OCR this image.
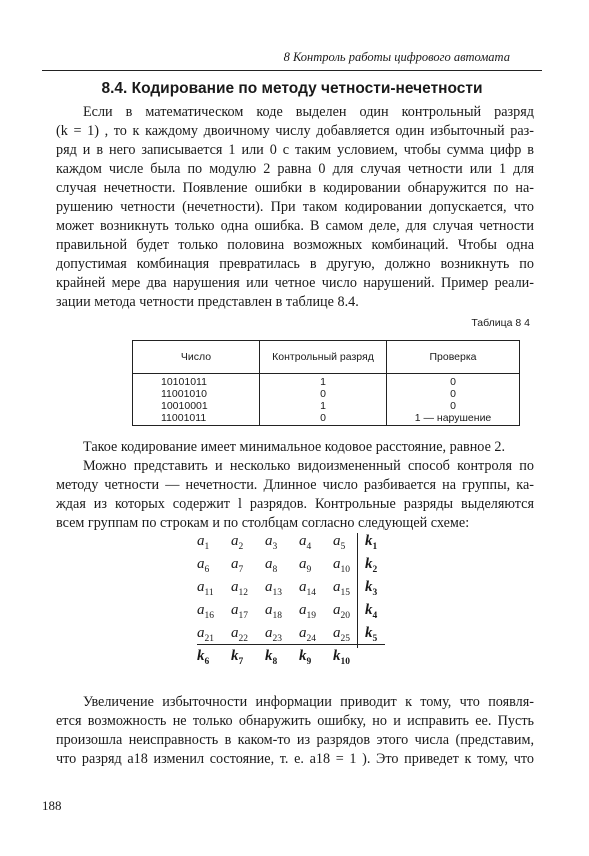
8 Контроль работы цифрового автомата
8.4. Кодирование по методу четности-нечетности

Если в математическом коде выделен один контрольный разряд
(k = 1) , то к каждому двоичному числу добавляется один избыточный раз-
ряд и в него записывается 1 или 0 с таким условием, чтобы сумма цифр в
каждом числе была по модулю 2 равна 0 для случая четности или 1 для
случая нечетности. Появление ошибки в кодировании обнаружится по на-
рушению четности (нечетности). При таком кодировании допускается, что
может возникнуть только одна ошибка. В самом деле, для случая четности
правильной будет только половина возможных комбинаций. Чтобы одна
допустимая комбинация превратилась в другую, должно возникнуть по
крайней мере два нарушения или четное число нарушений. Пример реали-
зации метода четности представлен в таблице 8.4.

Таблица 8 4
Число	Контрольный разряд	Проверка
10101011	1	0
11001010	0	0
10010001	1	0
11001011	0	1 — нарушение

Такое кодирование имеет минимальное кодовое расстояние, равное 2.
Можно представить и несколько видоизмененный способ контроля по
методу четности — нечетности. Длинное число разбивается на группы, ка-
ждая из которых содержит l разрядов. Контрольные разряды выделяются
всем группам по строкам и по столбцам согласно следующей схеме:

$a_1$	$a_2$	$a_3$	$a_4$	$a_5$	$k_1$
$a_6$	$a_7$	$a_8$	$a_9$	$a_{10}$	$k_2$
$a_{11}$	$a_{12}$	$a_{13}$	$a_{14}$	$a_{15}$	$k_3$
$a_{16}$	$a_{17}$	$a_{18}$	$a_{19}$	$a_{20}$	$k_4$
$a_{21}$	$a_{22}$	$a_{23}$	$a_{24}$	$a_{25}$	$k_5$
$k_6$	$k_7$	$k_8$	$k_9$	$k_{10}$

Увеличение избыточности информации приводит к тому, что появля-
ется возможность не только обнаружить ошибку, но и исправить ее. Пусть
произошла неисправность в каком-то из разрядов этого числа (представим,
что разряд a18 изменил состояние, т. е. a18 = 1 ). Это приведет к тому, что

188
